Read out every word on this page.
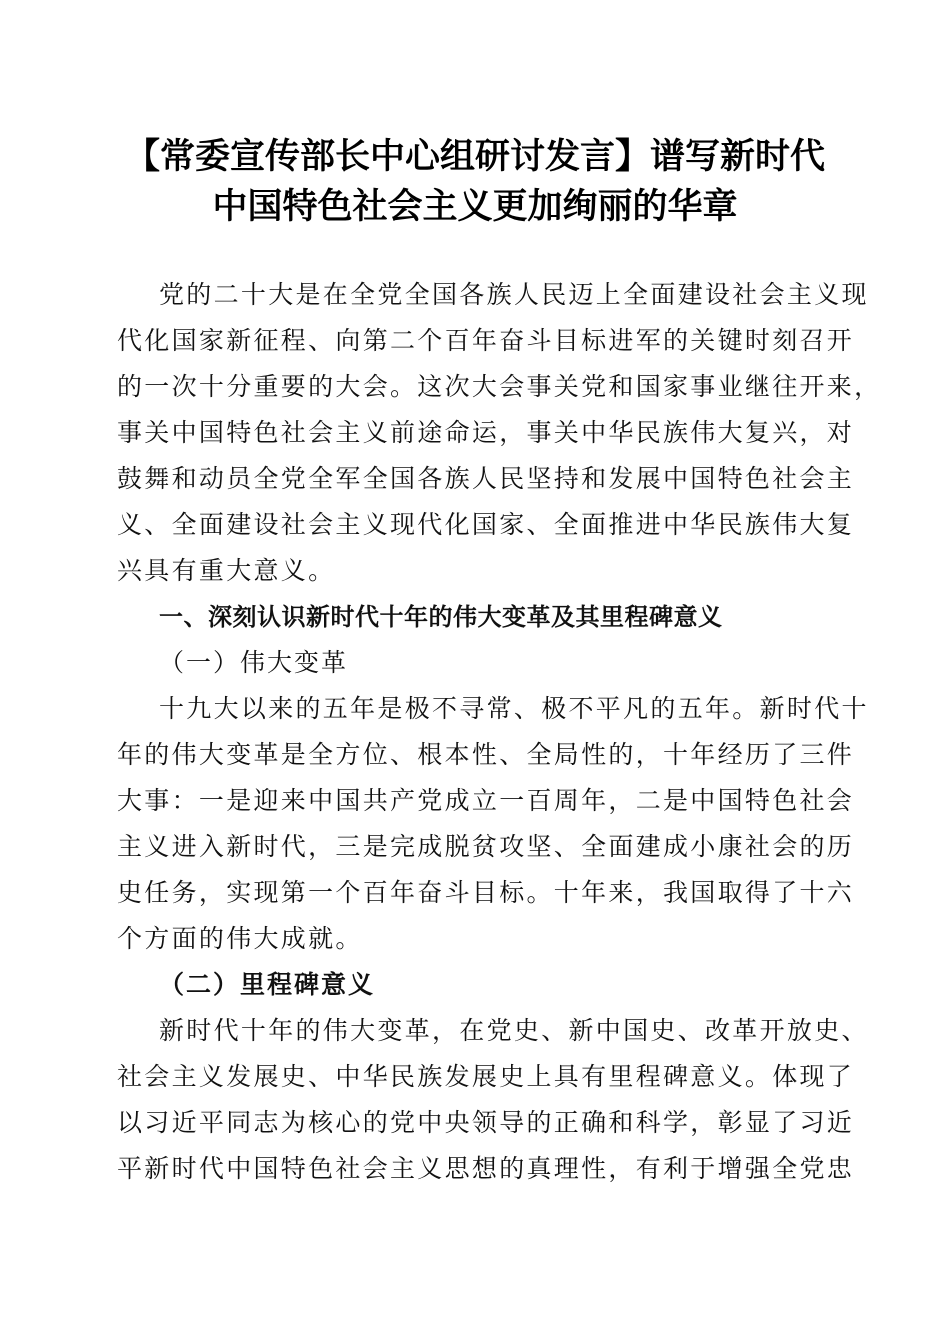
【常委宣传部长中心组研讨发言】谱写新时代
中国特色社会主义更加绚丽的华章
党的二十大是在全党全国各族人民迈上全面建设社会主义现
代化国家新征程、向第二个百年奋斗目标进军的关键时刻召开
的一次十分重要的大会。这次大会事关党和国家事业继往开来，
事关中国特色社会主义前途命运，事关中华民族伟大复兴，对
鼓舞和动员全党全军全国各族人民坚持和发展中国特色社会主
义、全面建设社会主义现代化国家、全面推进中华民族伟大复
兴具有重大意义。
一、深刻认识新时代十年的伟大变革及其里程碑意义
（一）伟大变革
十九大以来的五年是极不寻常、极不平凡的五年。新时代十
年的伟大变革是全方位、根本性、全局性的，十年经历了三件
大事：一是迎来中国共产党成立一百周年，二是中国特色社会
主义进入新时代，三是完成脱贫攻坚、全面建成小康社会的历
史任务，实现第一个百年奋斗目标。十年来，我国取得了十六
个方面的伟大成就。
（二）里程碑意义
新时代十年的伟大变革，在党史、新中国史、改革开放史、
社会主义发展史、中华民族发展史上具有里程碑意义。体现了
以习近平同志为核心的党中央领导的正确和科学，彰显了习近
平新时代中国特色社会主义思想的真理性，有利于增强全党忠
